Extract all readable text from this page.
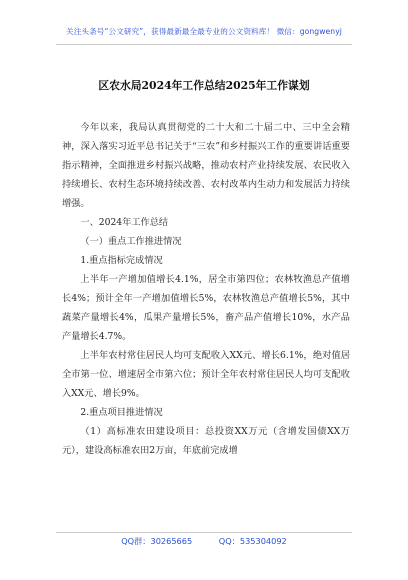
关注头条号“公文研究”，获得最新最全最专业的公文资料库！ 微信：gongwenyj
区农水局2024年工作总结2025年工作谋划

今年以来，我局认真贯彻党的二十大和二十届二中、三中全会精神，深入落实习近平总书记关于“三农”和乡村振兴工作的重要讲话重要指示精神，全面推进乡村振兴战略，推动农村产业持续发展、农民收入持续增长、农村生态环境持续改善、农村改革内生动力和发展活力持续增强。

一、2024年工作总结

（一）重点工作推进情况

1.重点指标完成情况

上半年一产增加值增长4.1%，居全市第四位；农林牧渔总产值增长4%；预计全年一产增加值增长5%，农林牧渔总产值增长5%，其中蔬菜产量增长4%，瓜果产量增长5%，畜产品产值增长10%，水产品产量增长4.7%。

上半年农村常住居民人均可支配收入XX元、增长6.1%，绝对值居全市第一位、增速居全市第六位；预计全年农村常住居民人均可支配收入XX元、增长9%。

2.重点项目推进情况

（1）高标准农田建设项目：总投资XX万元（含增发国债XX万元），建设高标准农田2万亩，年底前完成增

QQ群：30265665	QQ：535304092
